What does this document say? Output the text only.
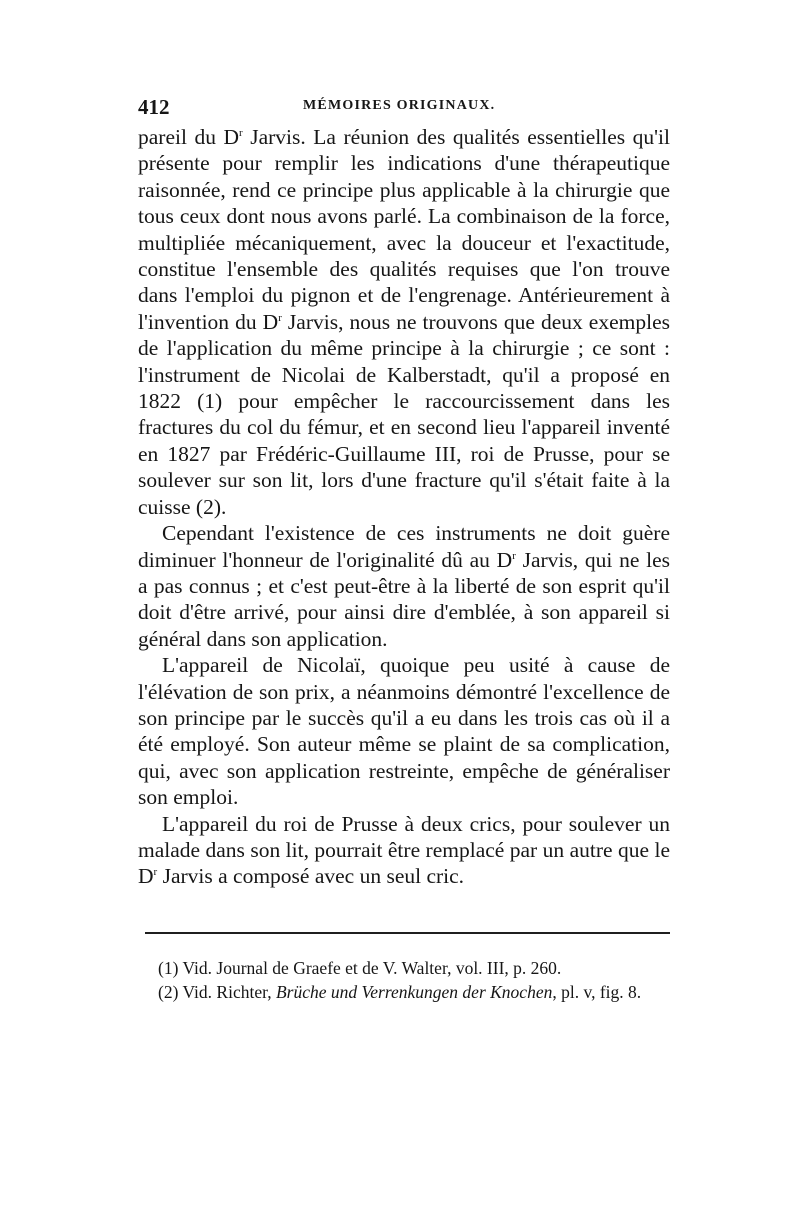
412	MÉMOIRES ORIGINAUX.

pareil du $D^r$ Jarvis. La réunion des qualités essentielles qu'il présente pour remplir les indications d'une thérapeutique raisonnée, rend ce principe plus applicable à la chirurgie que tous ceux dont nous avons parlé. La combinaison de la force, multipliée mécaniquement, avec la douceur et l'exactitude, constitue l'ensemble des qualités requises que l'on trouve dans l'emploi du pignon et de l'engrenage. Antérieurement à l'invention du $D^r$ Jarvis, nous ne trouvons que deux exemples de l'application du même principe à la chirurgie ; ce sont : l'instrument de Nicolai de Kalberstadt, qu'il a proposé en 1822 (1) pour empêcher le raccourcissement dans les fractures du col du fémur, et en second lieu l'appareil inventé en 1827 par Frédéric-Guillaume III, roi de Prusse, pour se soulever sur son lit, lors d'une fracture qu'il s'était faite à la cuisse (2).

Cependant l'existence de ces instruments ne doit guère diminuer l'honneur de l'originalité dû au $D^r$ Jarvis, qui ne les a pas connus ; et c'est peut-être à la liberté de son esprit qu'il doit d'être arrivé, pour ainsi dire d'emblée, à son appareil si général dans son application.

L'appareil de Nicolaï, quoique peu usité à cause de l'élévation de son prix, a néanmoins démontré l'excellence de son principe par le succès qu'il a eu dans les trois cas où il a été employé. Son auteur même se plaint de sa complication, qui, avec son application restreinte, empêche de généraliser son emploi.

L'appareil du roi de Prusse à deux crics, pour soulever un malade dans son lit, pourrait être remplacé par un autre que le $D^r$ Jarvis a composé avec un seul cric.

(1) Vid. Journal de Graefe et de V. Walter, vol. III, p. 260.

(2) Vid. Richter, Brüche und Verrenkungen der Knochen, pl. v, fig. 8.
